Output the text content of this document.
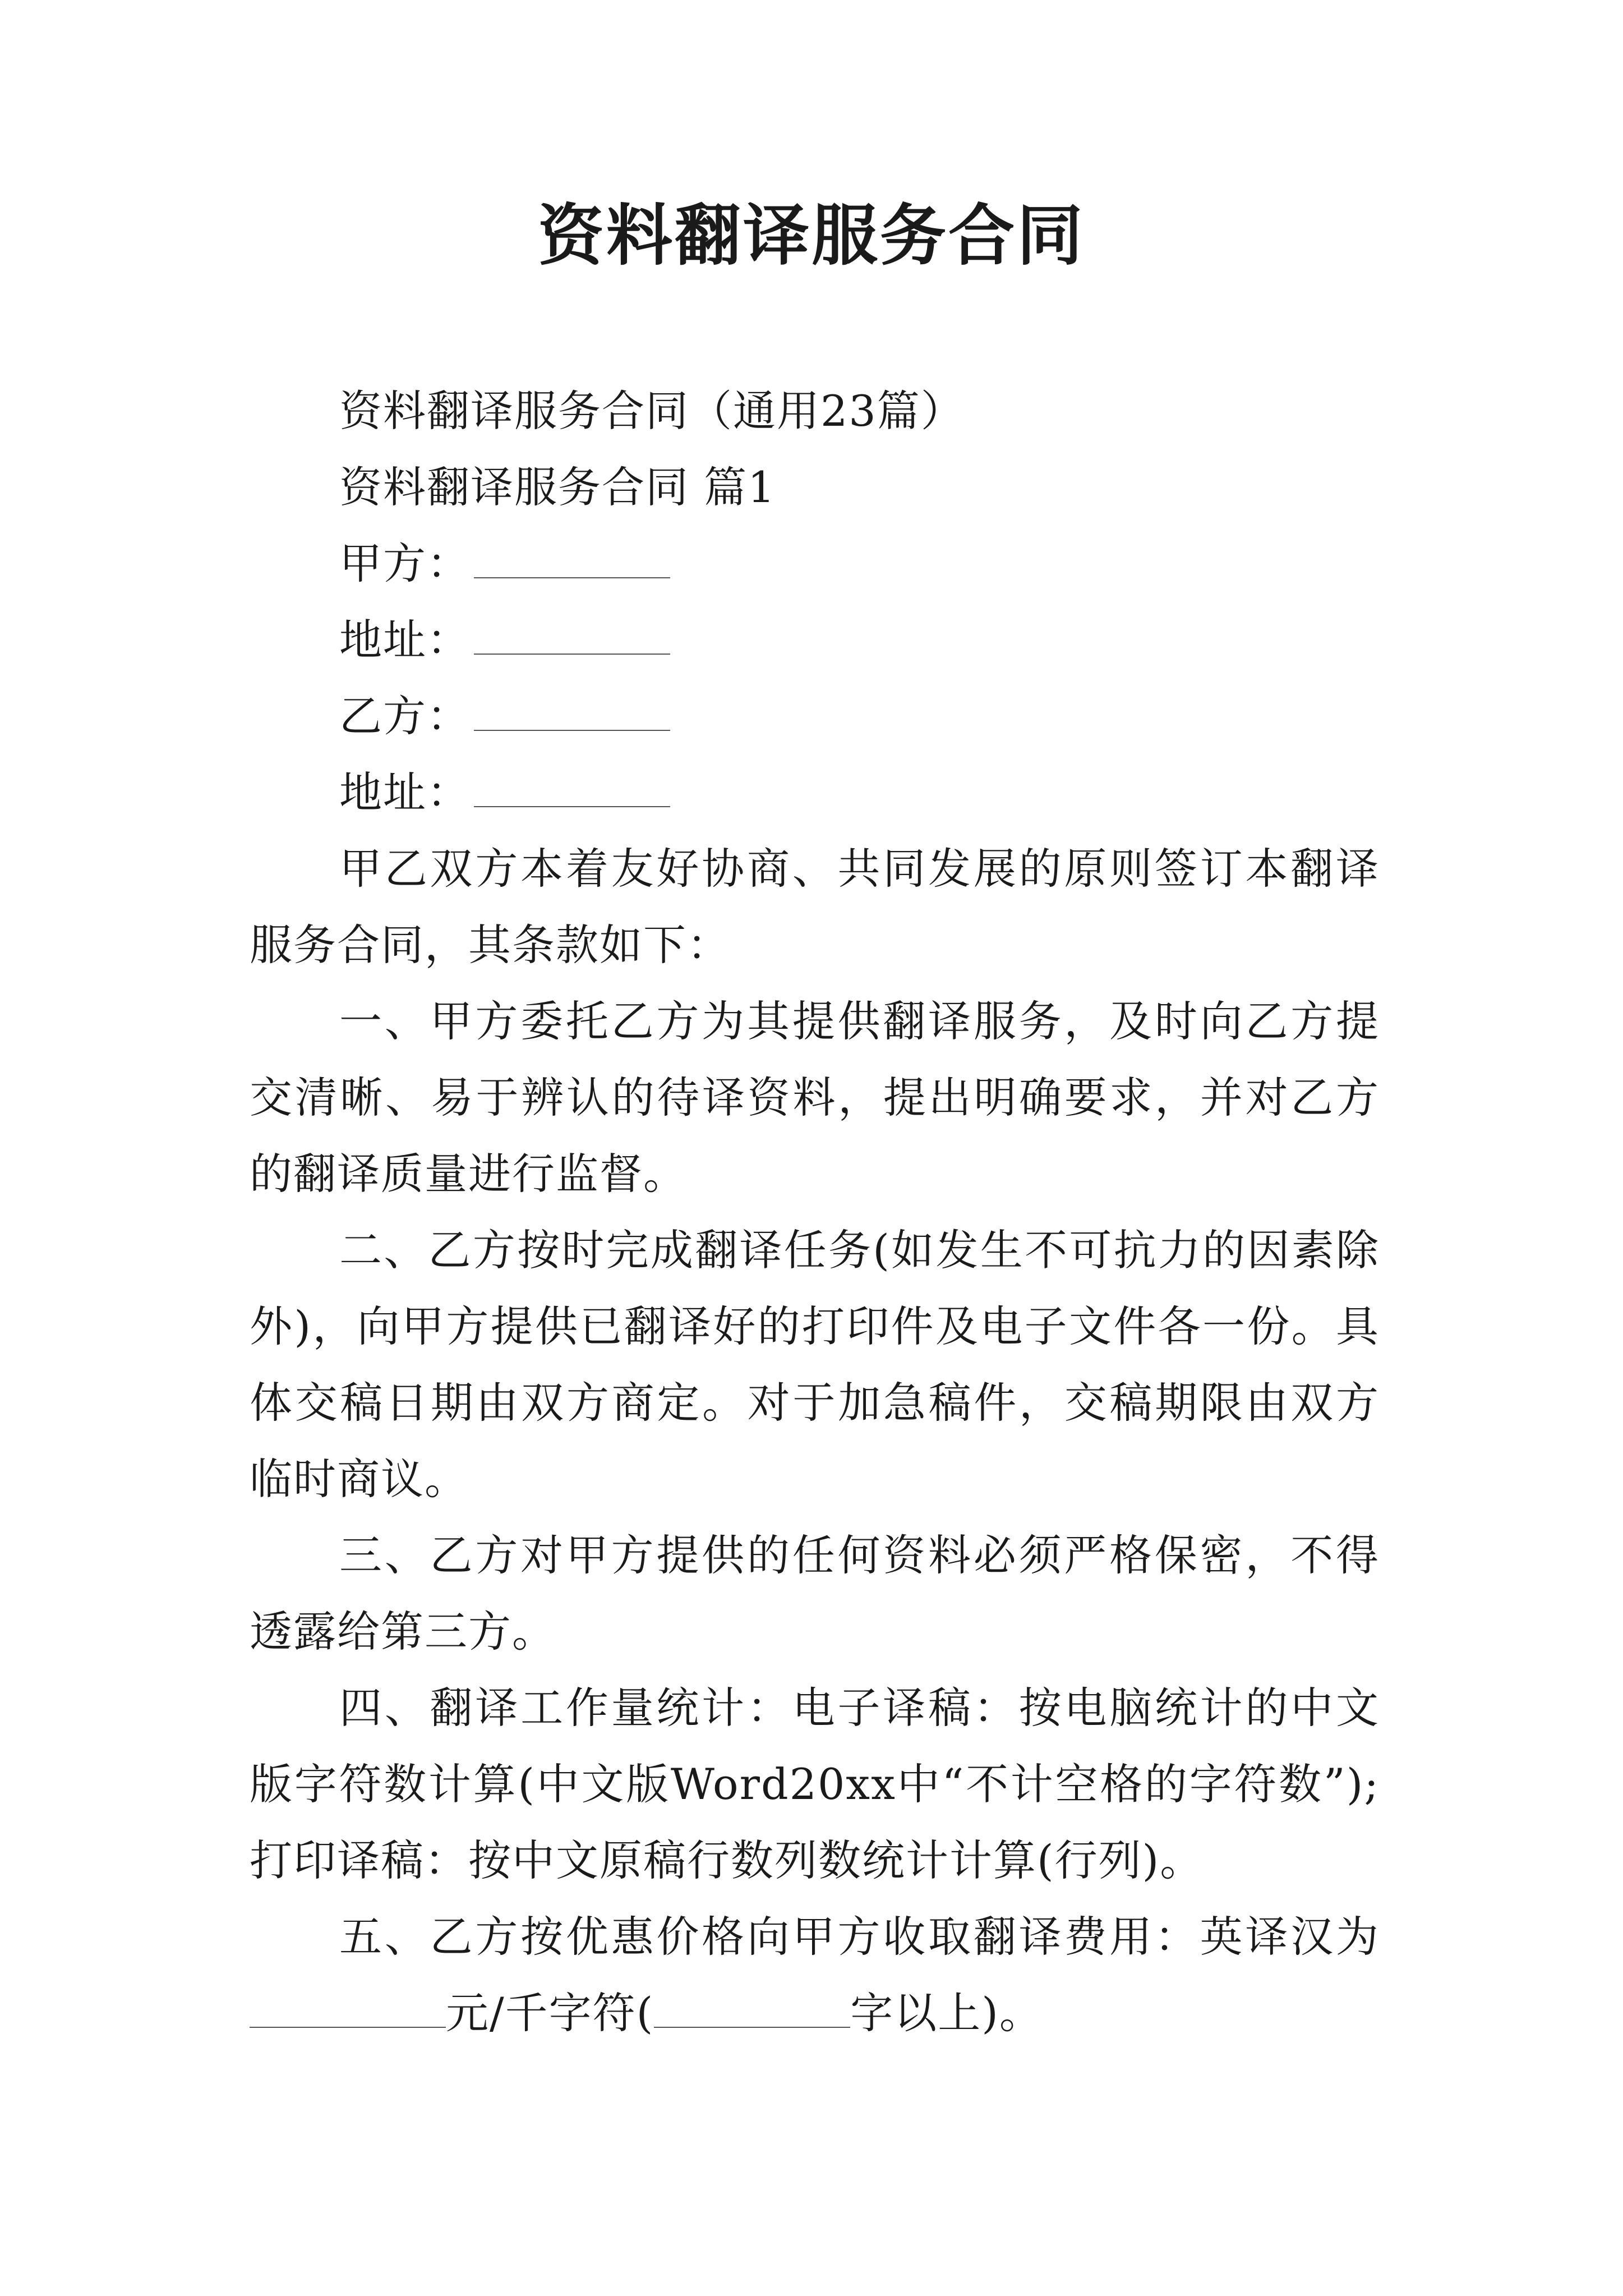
资料翻译服务合同

资料翻译服务合同（通用23篇）

资料翻译服务合同 篇1

甲方：

地址：

乙方：

地址：

甲乙双方本着友好协商、共同发展的原则签订本翻译服务合同，其条款如下：

一、甲方委托乙方为其提供翻译服务，及时向乙方提交清晰、易于辨认的待译资料，提出明确要求，并对乙方的翻译质量进行监督。

二、乙方按时完成翻译任务(如发生不可抗力的因素除外)，向甲方提供已翻译好的打印件及电子文件各一份。具体交稿日期由双方商定。对于加急稿件，交稿期限由双方临时商议。

三、乙方对甲方提供的任何资料必须严格保密，不得透露给第三方。

四、翻译工作量统计：电子译稿：按电脑统计的中文版字符数计算(中文版Word20xx中“不计空格的字符数”);打印译稿：按中文原稿行数列数统计计算(行列)。

五、乙方按优惠价格向甲方收取翻译费用：英译汉为元/千字符(	字以上)。
